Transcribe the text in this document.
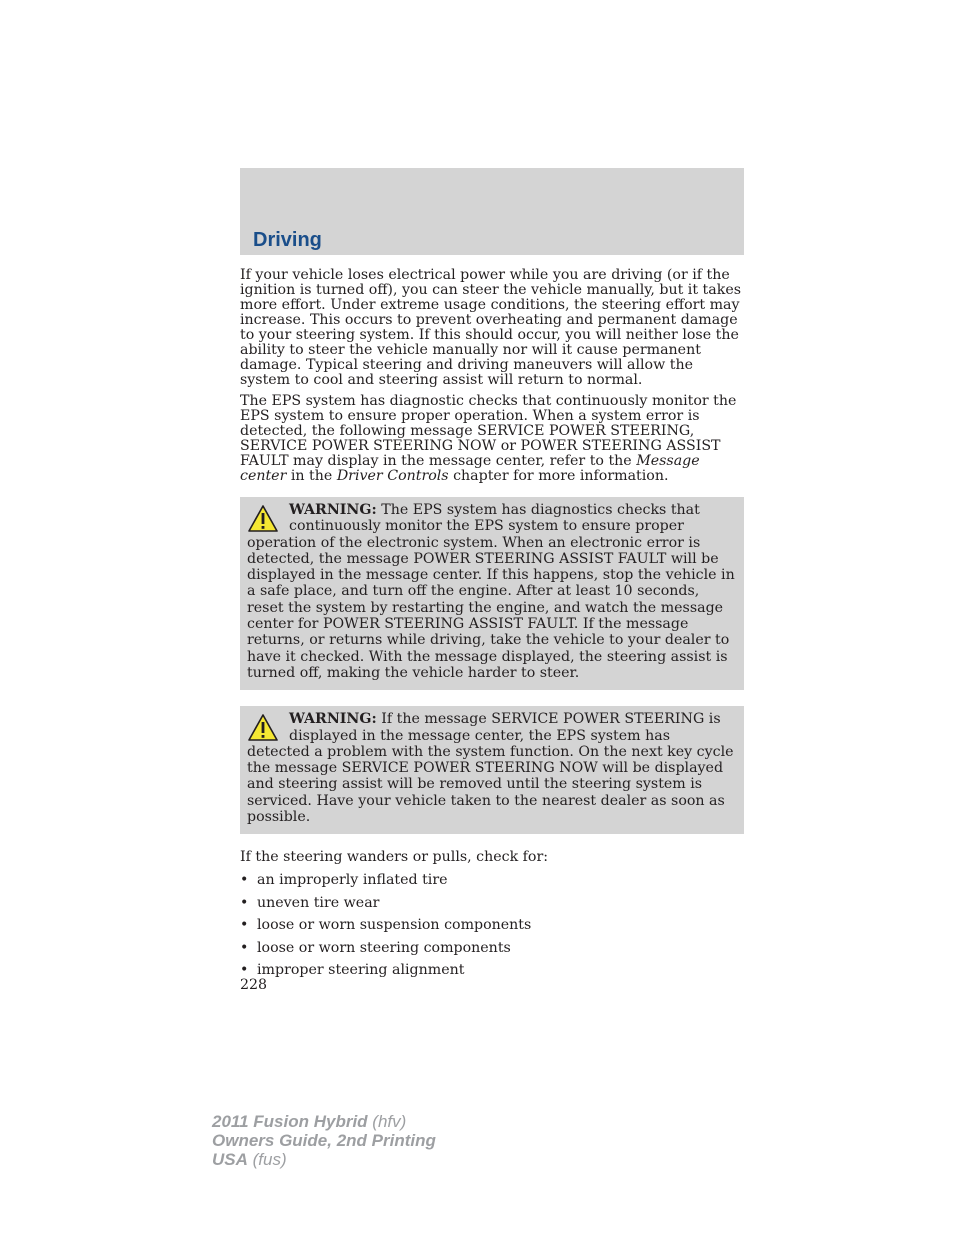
Driving

If your vehicle loses electrical power while you are driving (or if the ignition is turned off), you can steer the vehicle manually, but it takes more effort. Under extreme usage conditions, the steering effort may increase. This occurs to prevent overheating and permanent damage to your steering system. If this should occur, you will neither lose the ability to steer the vehicle manually nor will it cause permanent damage. Typical steering and driving maneuvers will allow the system to cool and steering assist will return to normal.

The EPS system has diagnostic checks that continuously monitor the EPS system to ensure proper operation. When a system error is detected, the following message SERVICE POWER STEERING, SERVICE POWER STEERING NOW or POWER STEERING ASSIST FAULT may display in the message center, refer to the Message center in the Driver Controls chapter for more information.

WARNING: The EPS system has diagnostics checks that continuously monitor the EPS system to ensure proper operation of the electronic system. When an electronic error is detected, the message POWER STEERING ASSIST FAULT will be displayed in the message center. If this happens, stop the vehicle in a safe place, and turn off the engine. After at least 10 seconds, reset the system by restarting the engine, and watch the message center for POWER STEERING ASSIST FAULT. If the message returns, or returns while driving, take the vehicle to your dealer to have it checked. With the message displayed, the steering assist is turned off, making the vehicle harder to steer.
WARNING: If the message SERVICE POWER STEERING is displayed in the message center, the EPS system has detected a problem with the system function. On the next key cycle the message SERVICE POWER STEERING NOW will be displayed and steering assist will be removed until the steering system is serviced. Have your vehicle taken to the nearest dealer as soon as possible.

If the steering wanders or pulls, check for:

• an improperly inflated tire
• uneven tire wear
• loose or worn suspension components
• loose or worn steering components
• improper steering alignment
228
2011 Fusion Hybrid (hfv)
Owners Guide, 2nd Printing
USA (fus)
